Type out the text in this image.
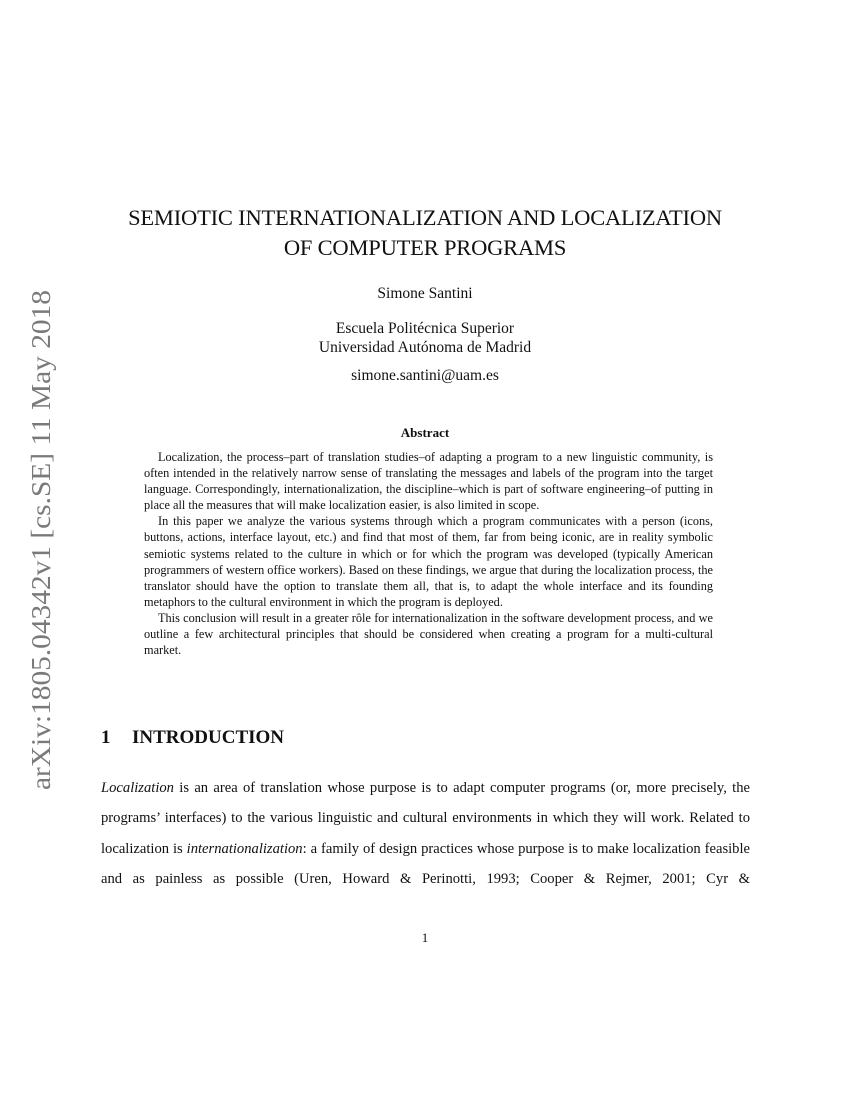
arXiv:1805.04342v1 [cs.SE] 11 May 2018
SEMIOTIC INTERNATIONALIZATION AND LOCALIZATION
OF COMPUTER PROGRAMS
Simone Santini
Escuela Politécnica Superior
Universidad Autónoma de Madrid
simone.santini@uam.es
Abstract

Localization, the process–part of translation studies–of adapting a program to a new linguistic community, is often intended in the relatively narrow sense of translating the messages and labels of the program into the target language. Correspondingly, internationalization, the discipline–which is part of software engineering–of putting in place all the measures that will make localization easier, is also limited in scope.

In this paper we analyze the various systems through which a program communicates with a person (icons, buttons, actions, interface layout, etc.) and find that most of them, far from being iconic, are in reality symbolic semiotic systems related to the culture in which or for which the program was developed (typically American programmers of western office workers). Based on these findings, we argue that during the localization process, the translator should have the option to translate them all, that is, to adapt the whole interface and its founding metaphors to the cultural environment in which the program is deployed.

This conclusion will result in a greater rôle for internationalization in the software development process, and we outline a few architectural principles that should be considered when creating a program for a multi-cultural market.

1 INTRODUCTION

Localization is an area of translation whose purpose is to adapt computer programs (or, more precisely, the programs’ interfaces) to the various linguistic and cultural environments in which they will work. Related to localization is internationalization: a family of design practices whose purpose is to make localization feasible and as painless as possible (Uren, Howard & Perinotti, 1993; Cooper & Rejmer, 2001; Cyr &

1
